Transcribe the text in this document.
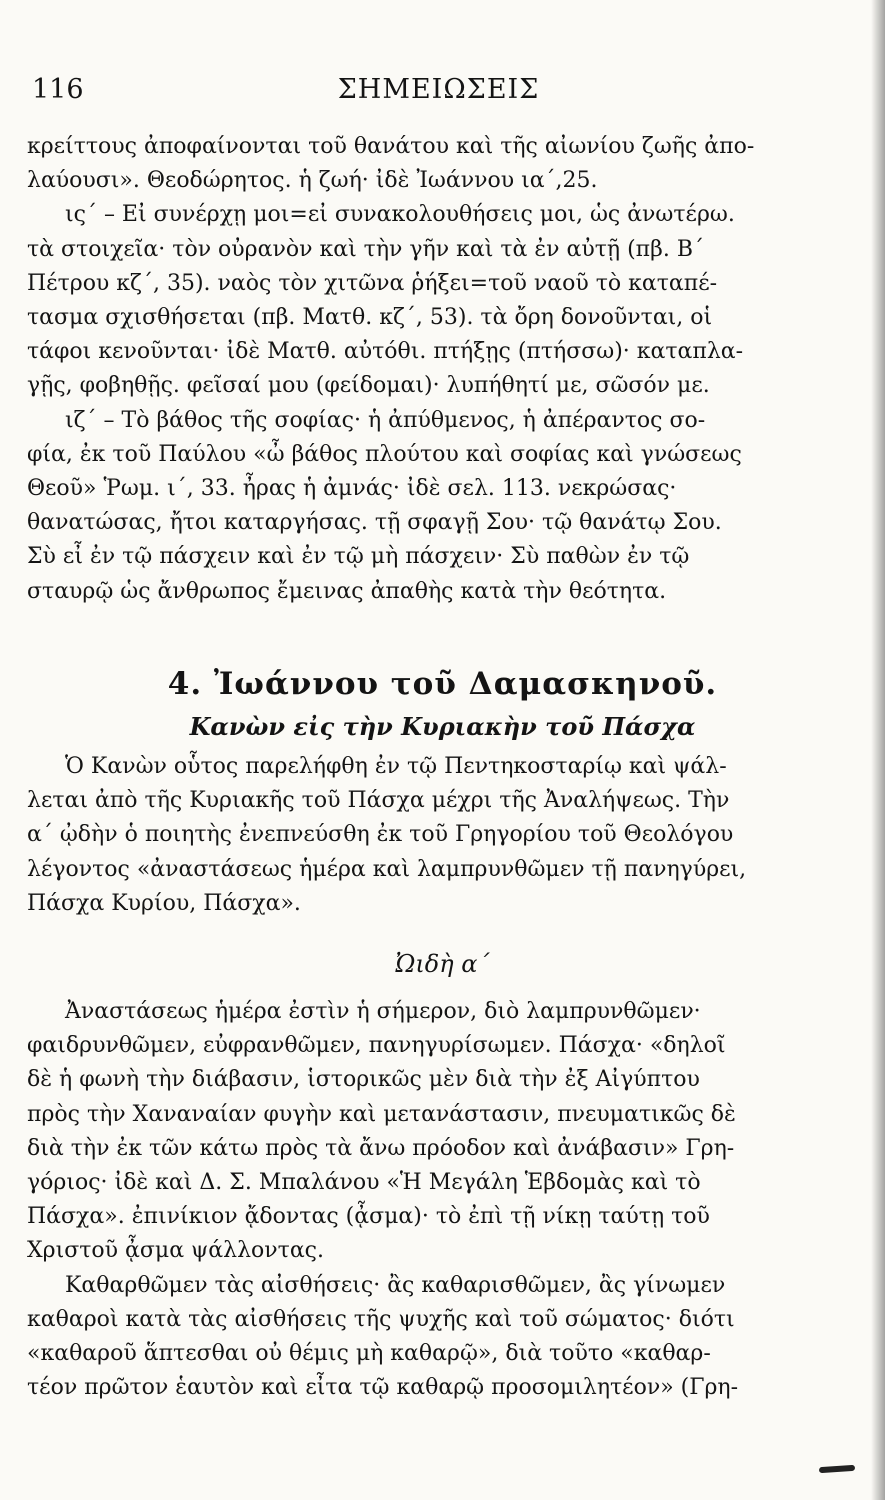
116	ΣΗΜΕΙΩΣΕΙΣ
κρείττους ἀποφαίνονται τοῦ θανάτου καὶ τῆς αἰωνίου ζωῆς ἀπο-
λαύουσι». Θεοδώρητος. ἡ ζωή· ἰδὲ Ἰωάννου ια΄,25.
ις΄ – Εἰ συνέρχῃ μοι=εἰ συνακολουθήσεις μοι, ὡς ἀνωτέρω.
τὰ στοιχεῖα· τὸν οὐρανὸν καὶ τὴν γῆν καὶ τὰ ἐν αὐτῇ (πβ. Β΄
Πέτρου κζ΄, 35). ναὸς τὸν χιτῶνα ῥήξει=τοῦ ναοῦ τὸ καταπέ-
τασμα σχισθήσεται (πβ. Ματθ. κζ΄, 53). τὰ ὄρη δονοῦνται, οἱ
τάφοι κενοῦνται· ἰδὲ Ματθ. αὐτόθι. πτήξῃς (πτήσσω)· καταπλα-
γῇς, φοβηθῇς. φεῖσαί μου (φείδομαι)· λυπήθητί με, σῶσόν με.
ιζ΄ – Τὸ βάθος τῆς σοφίας· ἡ ἀπύθμενος, ἡ ἀπέραντος σο-
φία, ἐκ τοῦ Παύλου «ὦ βάθος πλούτου καὶ σοφίας καὶ γνώσεως
Θεοῦ» Ῥωμ. ι΄, 33. ἦρας ἡ ἀμνάς· ἰδὲ σελ. 113. νεκρώσας·
θανατώσας, ἤτοι καταργήσας. τῇ σφαγῇ Σου· τῷ θανάτῳ Σου.
Σὺ εἶ ἐν τῷ πάσχειν καὶ ἐν τῷ μὴ πάσχειν· Σὺ παθὼν ἐν τῷ
σταυρῷ ὡς ἄνθρωπος ἔμεινας ἀπαθὴς κατὰ τὴν θεότητα.
4. Ἰωάννου τοῦ Δαμασκηνοῦ.
Κανὼν εἰς τὴν Κυριακὴν τοῦ Πάσχα
Ὁ Κανὼν οὗτος παρελήφθη ἐν τῷ Πεντηκοσταρίῳ καὶ ψάλ-
λεται ἀπὸ τῆς Κυριακῆς τοῦ Πάσχα μέχρι τῆς Ἀναλήψεως. Τὴν
α΄ ᾠδὴν ὁ ποιητὴς ἐνεπνεύσθη ἐκ τοῦ Γρηγορίου τοῦ Θεολόγου
λέγοντος «ἀναστάσεως ἡμέρα καὶ λαμπρυνθῶμεν τῇ πανηγύρει,
Πάσχα Κυρίου, Πάσχα».
Ὠιδὴ α΄
Ἀναστάσεως ἡμέρα ἐστὶν ἡ σήμερον, διὸ λαμπρυνθῶμεν·
φαιδρυνθῶμεν, εὐφρανθῶμεν, πανηγυρίσωμεν. Πάσχα· «δηλοῖ
δὲ ἡ φωνὴ τὴν διάβασιν, ἱστορικῶς μὲν διὰ τὴν ἐξ Αἰγύπτου
πρὸς τὴν Χαναναίαν φυγὴν καὶ μετανάστασιν, πνευματικῶς δὲ
διὰ τὴν ἐκ τῶν κάτω πρὸς τὰ ἄνω πρόοδον καὶ ἀνάβασιν» Γρη-
γόριος· ἰδὲ καὶ Δ. Σ. Μπαλάνου «Ἡ Μεγάλη Ἑβδομὰς καὶ τὸ
Πάσχα». ἐπινίκιον ᾄδοντας (ᾆσμα)· τὸ ἐπὶ τῇ νίκῃ ταύτῃ τοῦ
Χριστοῦ ᾆσμα ψάλλοντας.
Καθαρθῶμεν τὰς αἰσθήσεις· ἂς καθαρισθῶμεν, ἂς γίνωμεν
καθαροὶ κατὰ τὰς αἰσθήσεις τῆς ψυχῆς καὶ τοῦ σώματος· διότι
«καθαροῦ ἅπτεσθαι οὐ θέμις μὴ καθαρῷ», διὰ τοῦτο «καθαρ-
τέον πρῶτον ἑαυτὸν καὶ εἶτα τῷ καθαρῷ προσομιλητέον» (Γρη-
